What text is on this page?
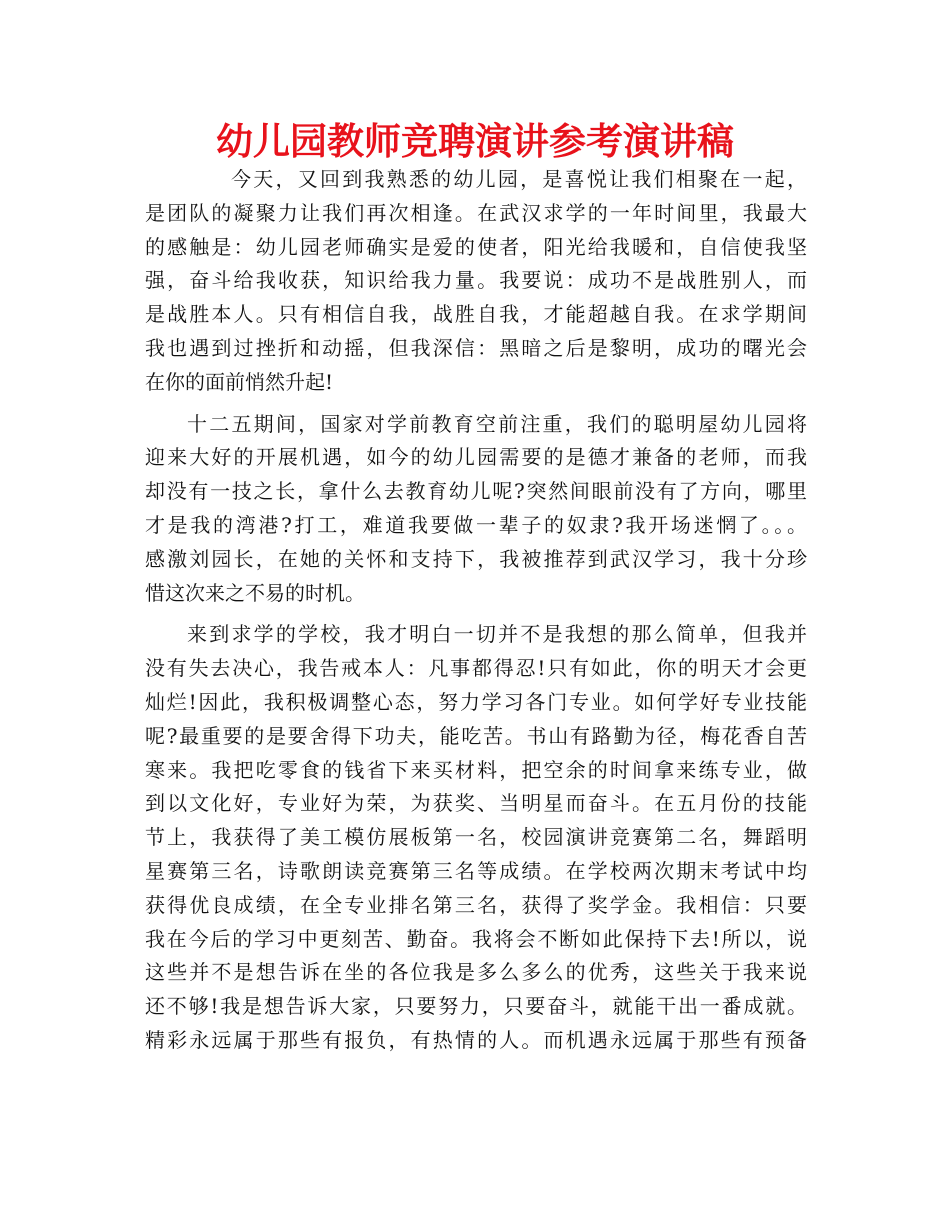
幼儿园教师竞聘演讲参考演讲稿
今天，又回到我熟悉的幼儿园，是喜悦让我们相聚在一起，
是团队的凝聚力让我们再次相逢。在武汉求学的一年时间里，我最大
的感触是：幼儿园老师确实是爱的使者，阳光给我暖和，自信使我坚
强，奋斗给我收获，知识给我力量。我要说：成功不是战胜别人，而
是战胜本人。只有相信自我，战胜自我，才能超越自我。在求学期间
我也遇到过挫折和动摇，但我深信：黑暗之后是黎明，成功的曙光会
在你的面前悄然升起!
十二五期间，国家对学前教育空前注重，我们的聪明屋幼儿园将
迎来大好的开展机遇，如今的幼儿园需要的是德才兼备的老师，而我
却没有一技之长，拿什么去教育幼儿呢?突然间眼前没有了方向，哪里
才是我的湾港?打工，难道我要做一辈子的奴隶?我开场迷惘了。。。
感激刘园长，在她的关怀和支持下，我被推荐到武汉学习，我十分珍
惜这次来之不易的时机。
来到求学的学校，我才明白一切并不是我想的那么简单，但我并
没有失去决心，我告戒本人：凡事都得忍!只有如此，你的明天才会更
灿烂!因此，我积极调整心态，努力学习各门专业。如何学好专业技能
呢?最重要的是要舍得下功夫，能吃苦。书山有路勤为径，梅花香自苦
寒来。我把吃零食的钱省下来买材料，把空余的时间拿来练专业，做
到以文化好，专业好为荣，为获奖、当明星而奋斗。在五月份的技能
节上，我获得了美工模仿展板第一名，校园演讲竞赛第二名，舞蹈明
星赛第三名，诗歌朗读竞赛第三名等成绩。在学校两次期末考试中均
获得优良成绩，在全专业排名第三名，获得了奖学金。我相信：只要
我在今后的学习中更刻苦、勤奋。我将会不断如此保持下去!所以，说
这些并不是想告诉在坐的各位我是多么多么的优秀，这些关于我来说
还不够!我是想告诉大家，只要努力，只要奋斗，就能干出一番成就。
精彩永远属于那些有报负，有热情的人。而机遇永远属于那些有预备
